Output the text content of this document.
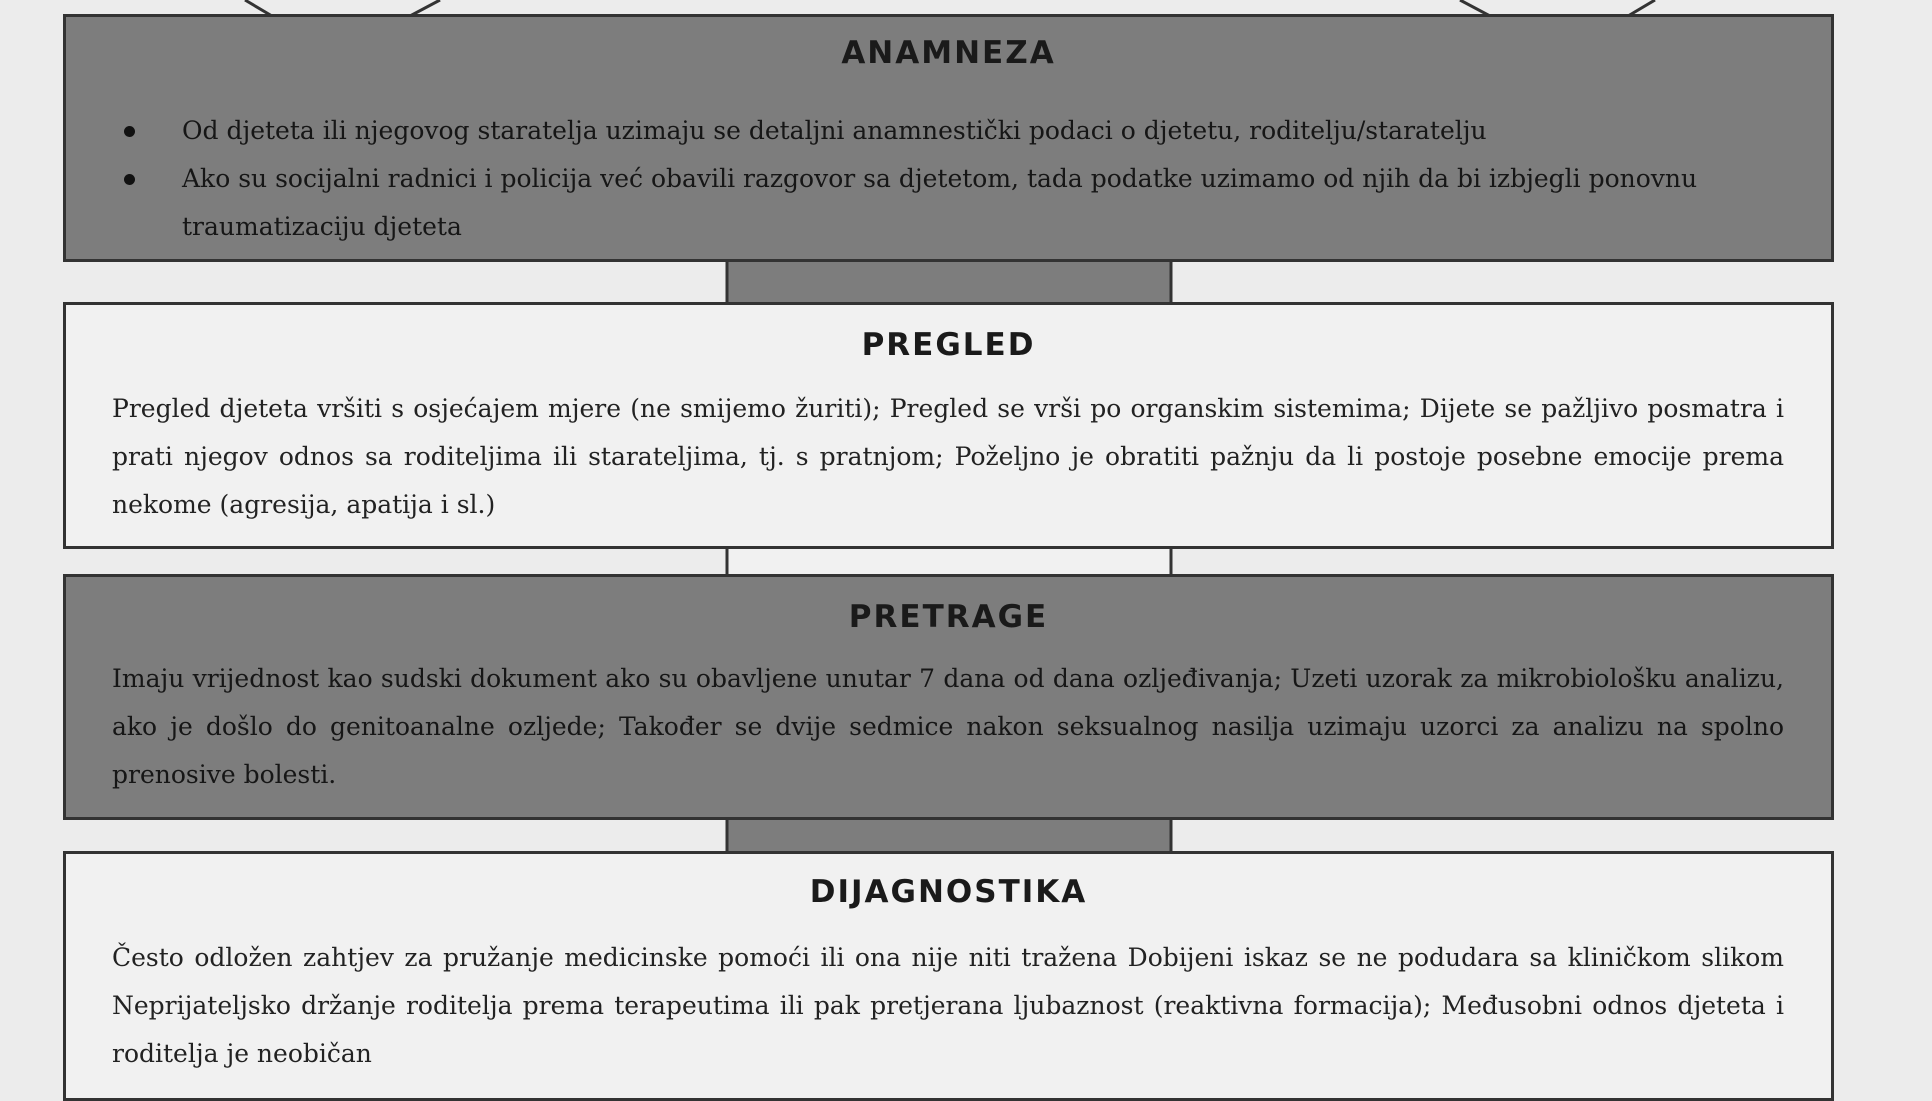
ANAMNEZA
Od djeteta ili njegovog staratelja uzimaju se detaljni anamnestički podaci o djetetu, roditelju/staratelju
Ako su socijalni radnici i policija već obavili razgovor sa djetetom, tada podatke uzimamo od njih da bi izbjegli ponovnu traumatizaciju djeteta
PREGLED
Pregled djeteta vršiti s osjećajem mjere (ne smijemo žuriti); Pregled se vrši po organskim sistemima; Dijete se pažljivo posmatra i prati njegov odnos sa roditeljima ili starateljima, tj. s pratnjom; Poželjno je obratiti pažnju da li postoje posebne emocije prema nekome (agresija, apatija i sl.)
PRETRAGE
Imaju vrijednost kao sudski dokument ako su obavljene unutar 7 dana od dana ozljeđivanja; Uzeti uzorak za mikrobiološku analizu, ako je došlo do genitoanalne ozljede; Također se dvije sedmice nakon seksualnog nasilja uzimaju uzorci za analizu na spolno prenosive bolesti.
DIJAGNOSTIKA
Često odložen zahtjev za pružanje medicinske pomoći ili ona nije niti tražena Dobijeni iskaz se ne podudara sa kliničkom slikom Neprijateljsko držanje roditelja prema terapeutima ili pak pretjerana ljubaznost (reaktivna formacija); Međusobni odnos djeteta i roditelja je neobičan
